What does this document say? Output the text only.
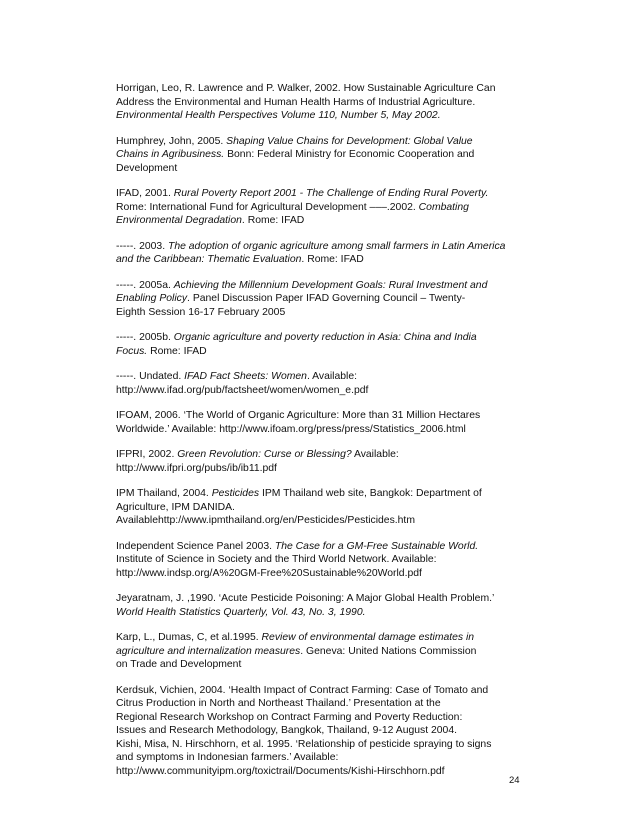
Horrigan, Leo, R. Lawrence and P. Walker, 2002. How Sustainable Agriculture Can
Address the Environmental and Human Health Harms of Industrial Agriculture.
Environmental Health Perspectives Volume 110, Number 5, May 2002.
Humphrey, John, 2005. Shaping Value Chains for Development: Global Value
Chains in Agribusiness. Bonn: Federal Ministry for Economic Cooperation and
Development
IFAD, 2001. Rural Poverty Report 2001 - The Challenge of Ending Rural Poverty.
Rome: International Fund for Agricultural Development –––.2002. Combating
Environmental Degradation. Rome: IFAD
-----. 2003. The adoption of organic agriculture among small farmers in Latin America
and the Caribbean: Thematic Evaluation. Rome: IFAD
-----. 2005a. Achieving the Millennium Development Goals: Rural Investment and
Enabling Policy. Panel Discussion Paper IFAD Governing Council – Twenty-
Eighth Session 16-17 February 2005
-----. 2005b. Organic agriculture and poverty reduction in Asia: China and India
Focus. Rome: IFAD
-----. Undated. IFAD Fact Sheets: Women. Available:
http://www.ifad.org/pub/factsheet/women/women_e.pdf
IFOAM, 2006. ‘The World of Organic Agriculture: More than 31 Million Hectares
Worldwide.’ Available: http://www.ifoam.org/press/press/Statistics_2006.html
IFPRI, 2002. Green Revolution: Curse or Blessing? Available:
http://www.ifpri.org/pubs/ib/ib11.pdf
IPM Thailand, 2004. Pesticides IPM Thailand web site, Bangkok: Department of
Agriculture, IPM DANIDA.
Availablehttp://www.ipmthailand.org/en/Pesticides/Pesticides.htm
Independent Science Panel 2003. The Case for a GM-Free Sustainable World.
Institute of Science in Society and the Third World Network. Available:
http://www.indsp.org/A%20GM-Free%20Sustainable%20World.pdf
Jeyaratnam, J. ,1990. ‘Acute Pesticide Poisoning: A Major Global Health Problem.’
World Health Statistics Quarterly, Vol. 43, No. 3, 1990.
Karp, L., Dumas, C, et al.1995. Review of environmental damage estimates in
agriculture and internalization measures. Geneva: United Nations Commission
on Trade and Development
Kerdsuk, Vichien, 2004. ‘Health Impact of Contract Farming: Case of Tomato and
Citrus Production in North and Northeast Thailand.’ Presentation at the
Regional Research Workshop on Contract Farming and Poverty Reduction:
Issues and Research Methodology, Bangkok, Thailand, 9-12 August 2004.
Kishi, Misa, N. Hirschhorn, et al. 1995. ‘Relationship of pesticide spraying to signs
and symptoms in Indonesian farmers.’ Available:
http://www.communityipm.org/toxictrail/Documents/Kishi-Hirschhorn.pdf
24
